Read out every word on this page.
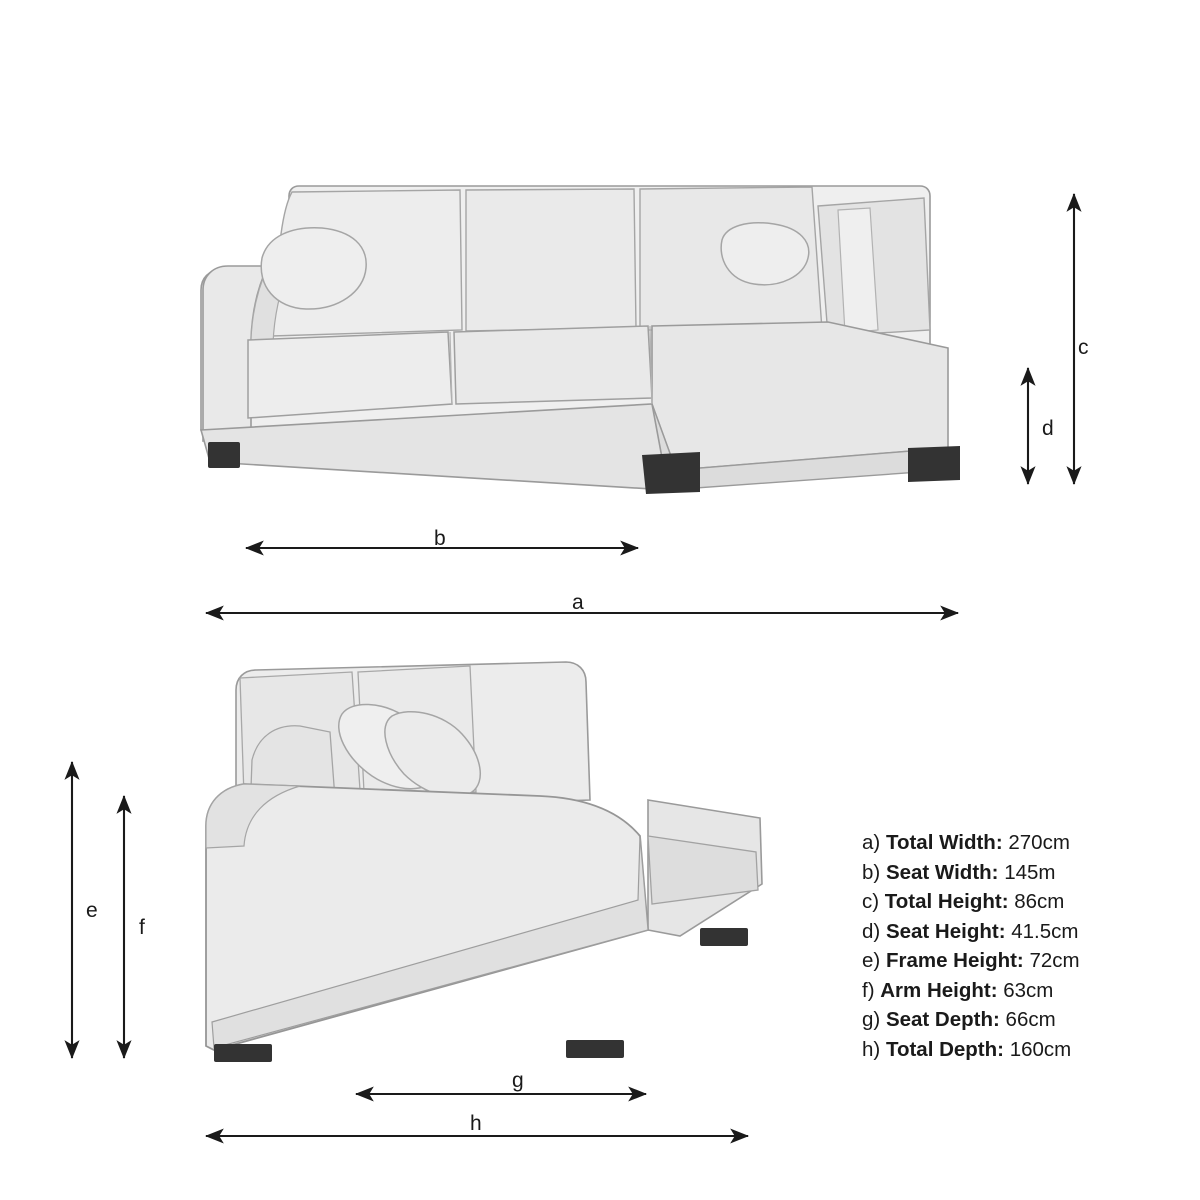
c
d
b
a
e
f
g
h
a) Total Width: 270cm
b) Seat Width: 145m
c) Total Height: 86cm
d) Seat Height: 41.5cm
e) Frame Height: 72cm
f) Arm Height: 63cm
g) Seat Depth: 66cm
h) Total Depth: 160cm
